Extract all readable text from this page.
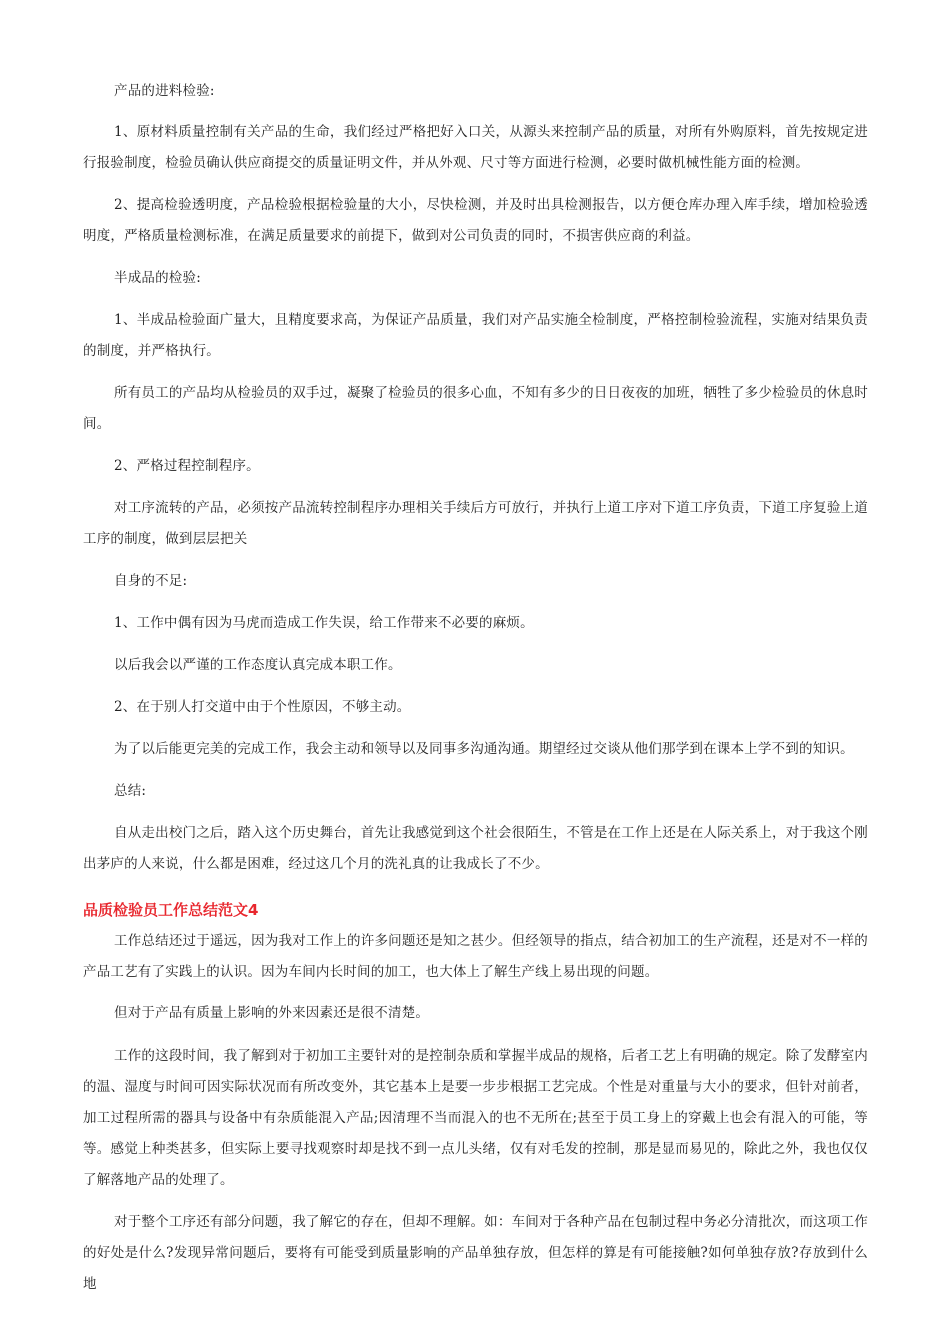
产品的进料检验:

1、原材料质量控制有关产品的生命，我们经过严格把好入口关，从源头来控制产品的质量，对所有外购原料，首先按规定进行报验制度，检验员确认供应商提交的质量证明文件，并从外观、尺寸等方面进行检测，必要时做机械性能方面的检测。

2、提高检验透明度，产品检验根据检验量的大小，尽快检测，并及时出具检测报告，以方便仓库办理入库手续，增加检验透明度，严格质量检测标准，在满足质量要求的前提下，做到对公司负责的同时，不损害供应商的利益。

半成品的检验:

1、半成品检验面广量大，且精度要求高，为保证产品质量，我们对产品实施全检制度，严格控制检验流程，实施对结果负责的制度，并严格执行。

所有员工的产品均从检验员的双手过，凝聚了检验员的很多心血，不知有多少的日日夜夜的加班，牺牲了多少检验员的休息时间。

2、严格过程控制程序。

对工序流转的产品，必须按产品流转控制程序办理相关手续后方可放行，并执行上道工序对下道工序负责，下道工序复验上道工序的制度，做到层层把关

自身的不足:

1、工作中偶有因为马虎而造成工作失误，给工作带来不必要的麻烦。

以后我会以严谨的工作态度认真完成本职工作。

2、在于别人打交道中由于个性原因，不够主动。

为了以后能更完美的完成工作，我会主动和领导以及同事多沟通沟通。期望经过交谈从他们那学到在课本上学不到的知识。

总结:

自从走出校门之后，踏入这个历史舞台，首先让我感觉到这个社会很陌生，不管是在工作上还是在人际关系上，对于我这个刚出茅庐的人来说，什么都是困难，经过这几个月的洗礼真的让我成长了不少。

品质检验员工作总结范文4

工作总结还过于遥远，因为我对工作上的许多问题还是知之甚少。但经领导的指点，结合初加工的生产流程，还是对不一样的产品工艺有了实践上的认识。因为车间内长时间的加工，也大体上了解生产线上易出现的问题。

但对于产品有质量上影响的外来因素还是很不清楚。

工作的这段时间，我了解到对于初加工主要针对的是控制杂质和掌握半成品的规格，后者工艺上有明确的规定。除了发酵室内的温、湿度与时间可因实际状况而有所改变外，其它基本上是要一步步根据工艺完成。个性是对重量与大小的要求，但针对前者，加工过程所需的器具与设备中有杂质能混入产品;因清理不当而混入的也不无所在;甚至于员工身上的穿戴上也会有混入的可能，等等。感觉上种类甚多，但实际上要寻找观察时却是找不到一点儿头绪，仅有对毛发的控制，那是显而易见的，除此之外，我也仅仅了解落地产品的处理了。

对于整个工序还有部分问题，我了解它的存在，但却不理解。如：车间对于各种产品在包制过程中务必分清批次，而这项工作的好处是什么?发现异常问题后，要将有可能受到质量影响的产品单独存放，但怎样的算是有可能接触?如何单独存放?存放到什么地
